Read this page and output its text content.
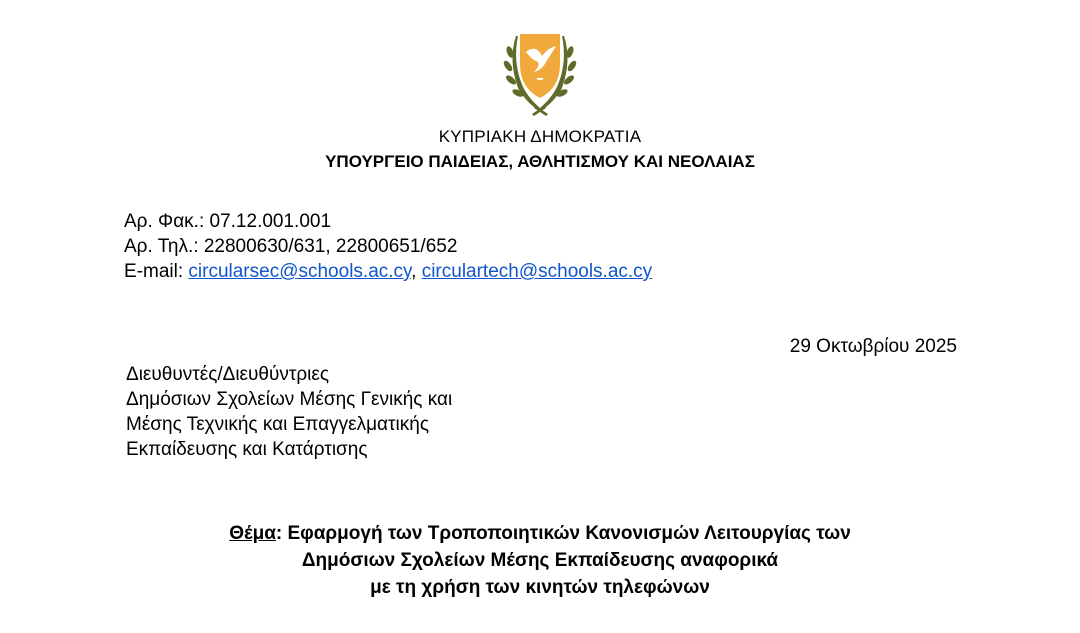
ΚΥΠΡΙΑΚΗ ΔΗΜΟΚΡΑΤΙΑ
ΥΠΟΥΡΓΕΙΟ ΠΑΙΔΕΙΑΣ, ΑΘΛΗΤΙΣΜΟΥ ΚΑΙ ΝΕΟΛΑΙΑΣ
Αρ. Φακ.: 07.12.001.001
Αρ. Τηλ.: 22800630/631, 22800651/652
E-mail: circularsec@schools.ac.cy, circulartech@schools.ac.cy
29 Οκτωβρίου 2025
Διευθυντές/Διευθύντριες
Δημόσιων Σχολείων Μέσης Γενικής και
Μέσης Τεχνικής και Επαγγελματικής
Εκπαίδευσης και Κατάρτισης
Θέμα: Εφαρμογή των Τροποποιητικών Κανονισμών Λειτουργίας των
Δημόσιων Σχολείων Μέσης Εκπαίδευσης αναφορικά
με τη χρήση των κινητών τηλεφώνων
